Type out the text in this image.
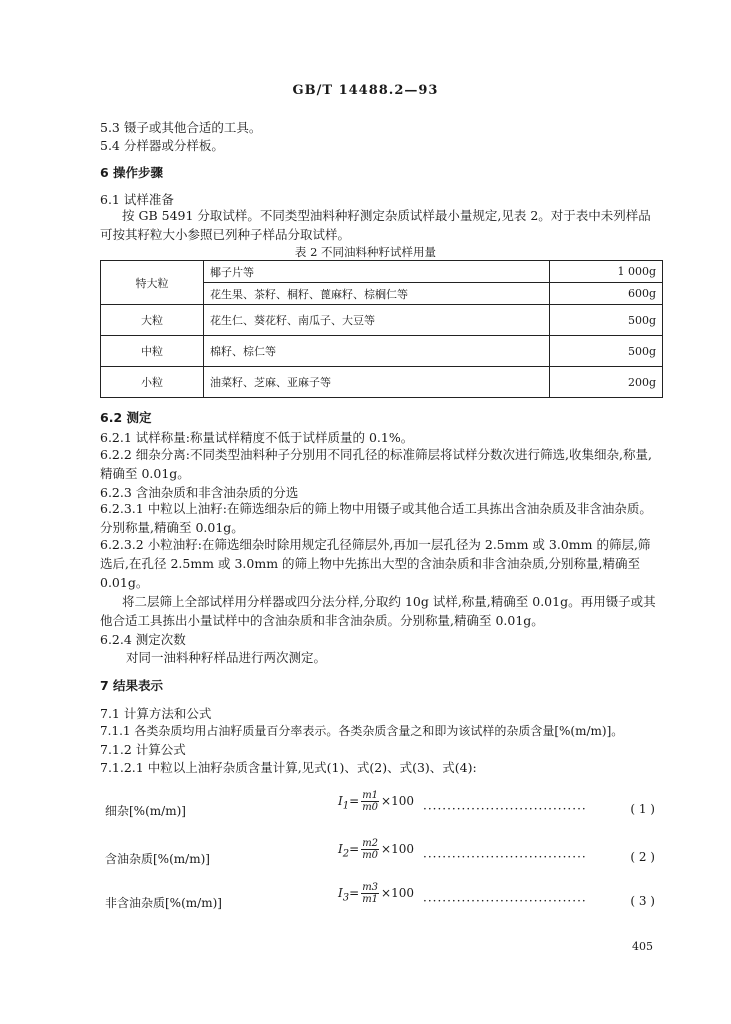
GB/T 14488.2—93
5.3 镊子或其他合适的工具。
5.4 分样器或分样板。
6 操作步骤
6.1 试样准备
按 GB 5491 分取试样。不同类型油料种籽测定杂质试样最小量规定,见表 2。对于表中未列样品可按其籽粒大小参照已列种子样品分取试样。
表 2 不同油料种籽试样用量
特大粒	椰子片等	1 000g
	花生果、茶籽、桐籽、蓖麻籽、棕榈仁等	600g
大粒	花生仁、葵花籽、南瓜子、大豆等	500g
中粒	棉籽、棕仁等	500g
小粒	油菜籽、芝麻、亚麻子等	200g
6.2 测定
6.2.1 试样称量:称量试样精度不低于试样质量的 0.1%。
6.2.2 细杂分离:不同类型油料种子分别用不同孔径的标准筛层将试样分数次进行筛选,收集细杂,称量,精确至 0.01g。
6.2.3 含油杂质和非含油杂质的分选
6.2.3.1 中粒以上油籽:在筛选细杂后的筛上物中用镊子或其他合适工具拣出含油杂质及非含油杂质。分别称量,精确至 0.01g。
6.2.3.2 小粒油籽:在筛选细杂时除用规定孔径筛层外,再加一层孔径为 2.5mm 或 3.0mm 的筛层,筛选后,在孔径 2.5mm 或 3.0mm 的筛上物中先拣出大型的含油杂质和非含油杂质,分别称量,精确至 0.01g。
将二层筛上全部试样用分样器或四分法分样,分取约 10g 试样,称量,精确至 0.01g。再用镊子或其他合适工具拣出小量试样中的含油杂质和非含油杂质。分别称量,精确至 0.01g。
6.2.4 测定次数
对同一油料种籽样品进行两次测定。
7 结果表示
7.1 计算方法和公式
7.1.1 各类杂质均用占油籽质量百分率表示。各类杂质含量之和即为该试样的杂质含量[%(m/m)]。
7.1.2 计算公式
7.1.2.1 中粒以上油籽杂质含量计算,见式(1)、式(2)、式(3)、式(4):
细杂[%(m/m)]
$I_1= \frac{m1}{m0} \times 100$
··································	( 1 )
含油杂质[%(m/m)]
$I_2= \frac{m2}{m0} \times 100$
··································	( 2 )
非含油杂质[%(m/m)]
$I_3= \frac{m3}{m1} \times 100$
··································	( 3 )
405
